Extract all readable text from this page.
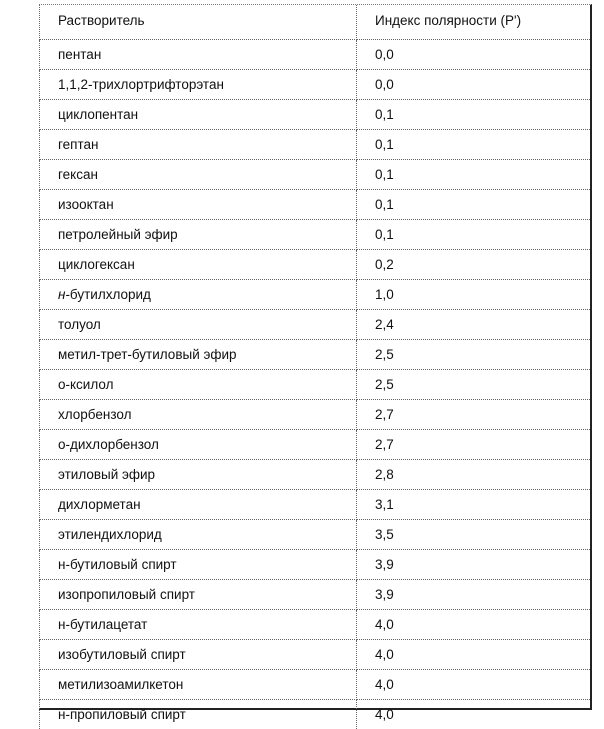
Растворитель	Индекс полярности (Р')
пентан	0,0
1,1,2-трихлортрифторэтан	0,0
циклопентан	0,1
гептан	0,1
гексан	0,1
изооктан	0,1
петролейный эфир	0,1
циклогексан	0,2
н-бутилхлорид	1,0
толуол	2,4
метил-трет-бутиловый эфир	2,5
о-ксилол	2,5
хлорбензол	2,7
о-дихлорбензол	2,7
этиловый эфир	2,8
дихлорметан	3,1
этилендихлорид	3,5
н-бутиловый спирт	3,9
изопропиловый спирт	3,9
н-бутилацетат	4,0
изобутиловый спирт	4,0
метилизоамилкетон	4,0
н-пропиловый спирт	4,0
